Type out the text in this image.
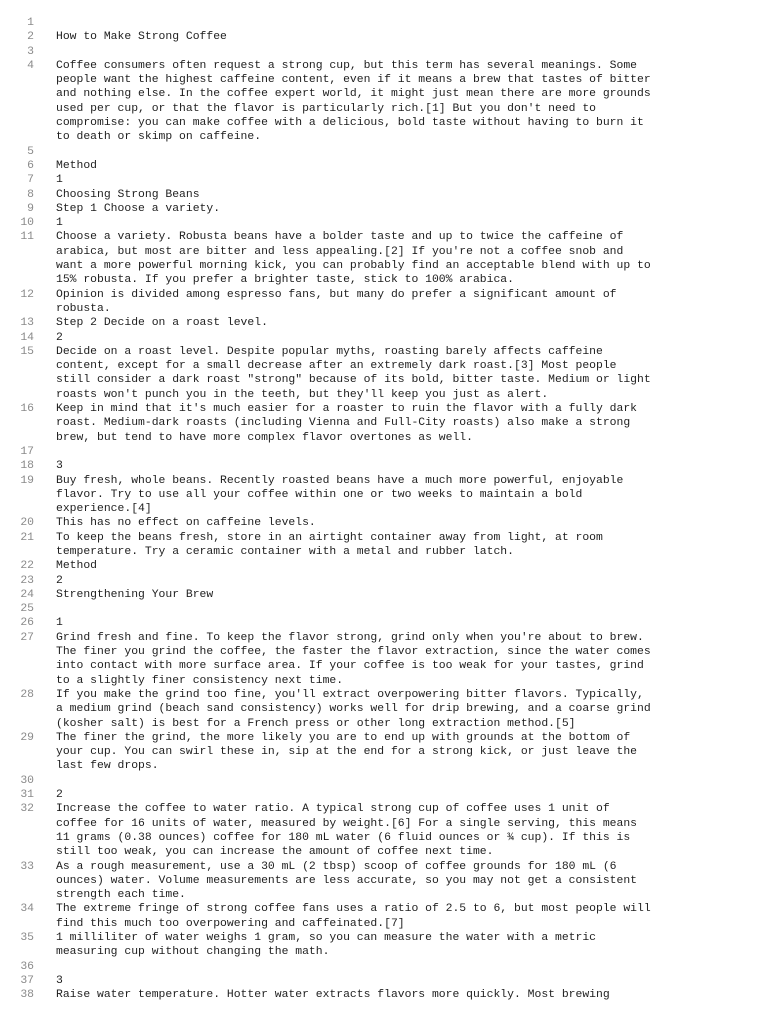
1
2	How to Make Strong Coffee
3
4	Coffee consumers often request a strong cup, but this term has several meanings. Some
people want the highest caffeine content, even if it means a brew that tastes of bitter
and nothing else. In the coffee expert world, it might just mean there are more grounds
used per cup, or that the flavor is particularly rich.[1] But you don't need to
compromise: you can make coffee with a delicious, bold taste without having to burn it
to death or skimp on caffeine.
5
6	Method
7	1
8	Choosing Strong Beans
9	Step 1 Choose a variety.
10	1
11	Choose a variety. Robusta beans have a bolder taste and up to twice the caffeine of
arabica, but most are bitter and less appealing.[2] If you're not a coffee snob and
want a more powerful morning kick, you can probably find an acceptable blend with up to
15% robusta. If you prefer a brighter taste, stick to 100% arabica.
12	Opinion is divided among espresso fans, but many do prefer a significant amount of
robusta.
13	Step 2 Decide on a roast level.
14	2
15	Decide on a roast level. Despite popular myths, roasting barely affects caffeine
content, except for a small decrease after an extremely dark roast.[3] Most people
still consider a dark roast "strong" because of its bold, bitter taste. Medium or light
roasts won't punch you in the teeth, but they'll keep you just as alert.
16	Keep in mind that it's much easier for a roaster to ruin the flavor with a fully dark
roast. Medium-dark roasts (including Vienna and Full-City roasts) also make a strong
brew, but tend to have more complex flavor overtones as well.
17
18	3
19	Buy fresh, whole beans. Recently roasted beans have a much more powerful, enjoyable
flavor. Try to use all your coffee within one or two weeks to maintain a bold
experience.[4]
20	This has no effect on caffeine levels.
21	To keep the beans fresh, store in an airtight container away from light, at room
temperature. Try a ceramic container with a metal and rubber latch.
22	Method
23	2
24	Strengthening Your Brew
25
26	1
27	Grind fresh and fine. To keep the flavor strong, grind only when you're about to brew.
The finer you grind the coffee, the faster the flavor extraction, since the water comes
into contact with more surface area. If your coffee is too weak for your tastes, grind
to a slightly finer consistency next time.
28	If you make the grind too fine, you'll extract overpowering bitter flavors. Typically,
a medium grind (beach sand consistency) works well for drip brewing, and a coarse grind
(kosher salt) is best for a French press or other long extraction method.[5]
29	The finer the grind, the more likely you are to end up with grounds at the bottom of
your cup. You can swirl these in, sip at the end for a strong kick, or just leave the
last few drops.
30
31	2
32	Increase the coffee to water ratio. A typical strong cup of coffee uses 1 unit of
coffee for 16 units of water, measured by weight.[6] For a single serving, this means
11 grams (0.38 ounces) coffee for 180 mL water (6 fluid ounces or ¾ cup). If this is
still too weak, you can increase the amount of coffee next time.
33	As a rough measurement, use a 30 mL (2 tbsp) scoop of coffee grounds for 180 mL (6
ounces) water. Volume measurements are less accurate, so you may not get a consistent
strength each time.
34	The extreme fringe of strong coffee fans uses a ratio of 2.5 to 6, but most people will
find this much too overpowering and caffeinated.[7]
35	1 milliliter of water weighs 1 gram, so you can measure the water with a metric
measuring cup without changing the math.
36
37	3
38	Raise water temperature. Hotter water extracts flavors more quickly. Most brewing
